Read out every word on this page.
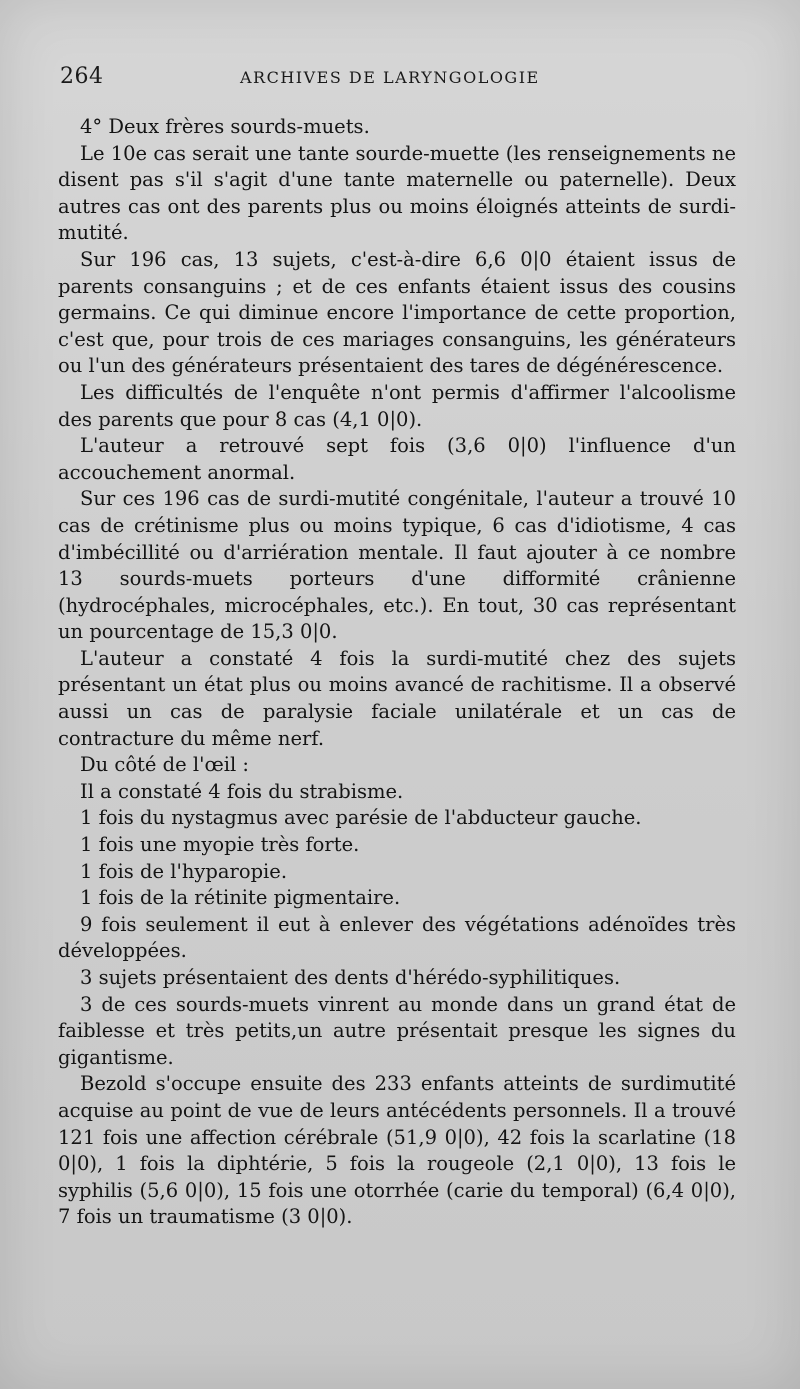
264	ARCHIVES DE LARYNGOLOGIE

4° Deux frères sourds-muets.

Le 10e cas serait une tante sourde-muette (les renseignements ne disent pas s'il s'agit d'une tante maternelle ou paternelle). Deux autres cas ont des parents plus ou moins éloignés atteints de surdi-mutité.

Sur 196 cas, 13 sujets, c'est-à-dire 6,6 0|0 étaient issus de parents consanguins ; et de ces enfants étaient issus des cousins germains. Ce qui diminue encore l'importance de cette proportion, c'est que, pour trois de ces mariages consanguins, les générateurs ou l'un des générateurs présentaient des tares de dégénérescence.

Les difficultés de l'enquête n'ont permis d'affirmer l'alcoolisme des parents que pour 8 cas (4,1 0|0).

L'auteur a retrouvé sept fois (3,6 0|0) l'influence d'un accouchement anormal.

Sur ces 196 cas de surdi-mutité congénitale, l'auteur a trouvé 10 cas de crétinisme plus ou moins typique, 6 cas d'idiotisme, 4 cas d'imbécillité ou d'arriération mentale. Il faut ajouter à ce nombre 13 sourds-muets porteurs d'une difformité crânienne (hydrocéphales, microcéphales, etc.). En tout, 30 cas représentant un pourcentage de 15,3 0|0.

L'auteur a constaté 4 fois la surdi-mutité chez des sujets présentant un état plus ou moins avancé de rachitisme. Il a observé aussi un cas de paralysie faciale unilatérale et un cas de contracture du même nerf.

Du côté de l'œil :

Il a constaté 4 fois du strabisme.

1 fois du nystagmus avec parésie de l'abducteur gauche.

1 fois une myopie très forte.

1 fois de l'hyparopie.

1 fois de la rétinite pigmentaire.

9 fois seulement il eut à enlever des végétations adénoïdes très développées.

3 sujets présentaient des dents d'hérédo-syphilitiques.

3 de ces sourds-muets vinrent au monde dans un grand état de faiblesse et très petits,un autre présentait presque les signes du gigantisme.

Bezold s'occupe ensuite des 233 enfants atteints de surdimutité acquise au point de vue de leurs antécédents personnels. Il a trouvé 121 fois une affection cérébrale (51,9 0|0), 42 fois la scarlatine (18 0|0), 1 fois la diphtérie, 5 fois la rougeole (2,1 0|0), 13 fois le syphilis (5,6 0|0), 15 fois une otorrhée (carie du temporal) (6,4 0|0), 7 fois un traumatisme (3 0|0).
